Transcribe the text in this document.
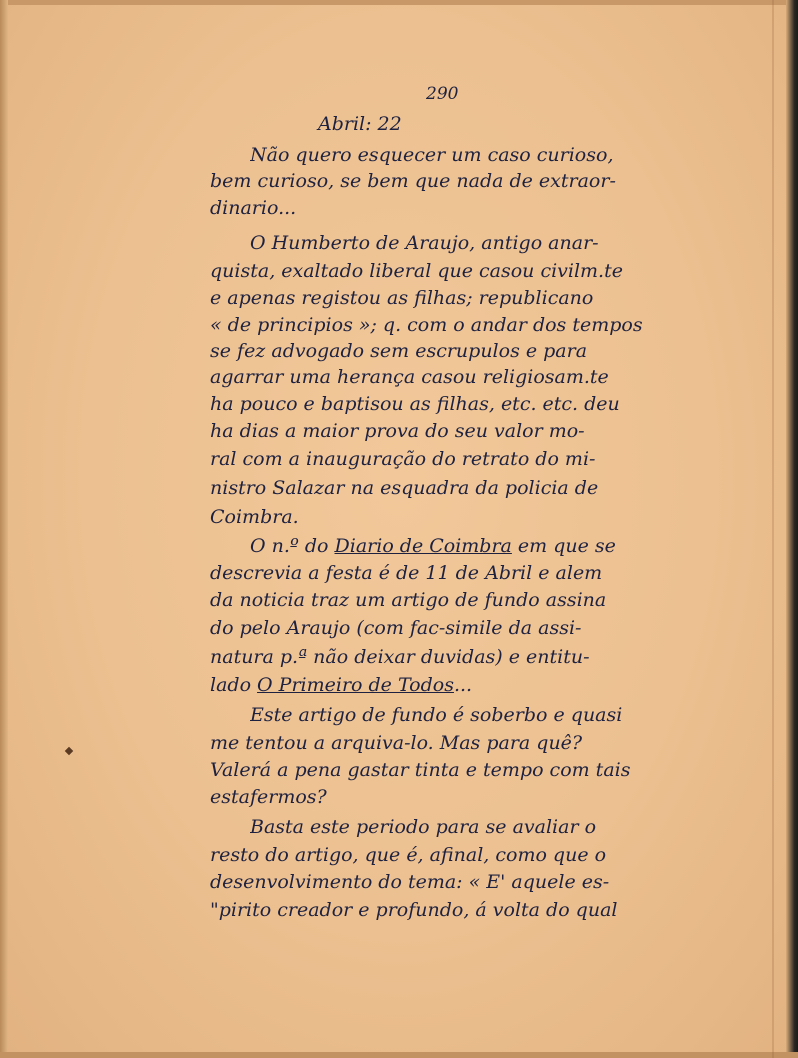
290
Abril: 22
Não quero esquecer um caso curioso,
bem curioso, se bem que nada de extraor-
dinario...
O Humberto de Araujo, antigo anar-
quista, exaltado liberal que casou civilm.te
e apenas registou as filhas; republicano
« de principios »; q. com o andar dos tempos
se fez advogado sem escrupulos e para
agarrar uma herança casou religiosam.te
ha pouco e baptisou as filhas, etc. etc. deu
ha dias a maior prova do seu valor mo-
ral com a inauguração do retrato do mi-
nistro Salazar na esquadra da policia de
Coimbra.
O n.º do Diario de Coimbra em que se
descrevia a festa é de 11 de Abril e alem
da noticia traz um artigo de fundo assina
do pelo Araujo (com fac-simile da assi-
natura p.ª não deixar duvidas) e entitu-
lado O Primeiro de Todos...
Este artigo de fundo é soberbo e quasi
me tentou a arquiva-lo. Mas para quê?
Valerá a pena gastar tinta e tempo com tais
estafermos?
Basta este periodo para se avaliar o
resto do artigo, que é, afinal, como que o
desenvolvimento do tema: « E' aquele es-
"pirito creador e profundo, á volta do qual
